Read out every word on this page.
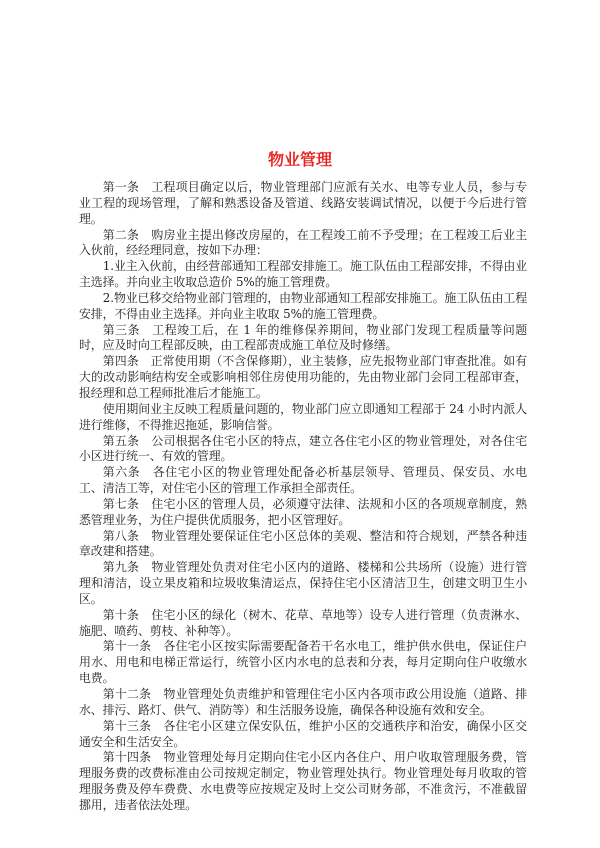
物业管理

第一条　工程项目确定以后，物业管理部门应派有关水、电等专业人员，参与专业工程的现场管理，了解和熟悉设备及管道、线路安装调试情况，以便于今后进行管理。

第二条　购房业主提出修改房屋的，在工程竣工前不予受理；在工程竣工后业主入伙前，经经理同意，按如下办理：

1.业主入伙前，由经营部通知工程部安排施工。施工队伍由工程部安排，不得由业主选择。并向业主收取总造价 5%的施工管理费。

2.物业已移交给物业部门管理的，由物业部通知工程部安排施工。施工队伍由工程安排，不得由业主选择。并向业主收取 5%的施工管理费。

第三条　工程竣工后，在 1 年的维修保养期间，物业部门发现工程质量等问题时，应及时向工程部反映，由工程部责成施工单位及时修缮。

第四条　正常使用期（不含保修期），业主装修，应先报物业部门审查批准。如有大的改动影响结构安全或影响相邻住房使用功能的，先由物业部门会同工程部审查，报经理和总工程师批准后才能施工。

使用期间业主反映工程质量问题的，物业部门应立即通知工程部于 24 小时内派人进行维修，不得推迟拖延，影响信誉。

第五条　公司根据各住宅小区的特点，建立各住宅小区的物业管理处，对各住宅小区进行统一、有效的管理。

第六条　各住宅小区的物业管理处配备必析基层领导、管理员、保安员、水电工、清洁工等，对住宅小区的管理工作承担全部责任。

第七条　住宅小区的管理人员，必须遵守法律、法规和小区的各项规章制度，熟悉管理业务，为住户提供优质服务，把小区管理好。

第八条　物业管理处要保证住宅小区总体的美观、整洁和符合规划，严禁各种违章改建和搭建。

第九条　物业管理处负责对住宅小区内的道路、楼梯和公共场所（设施）进行管理和清洁，设立果皮箱和垃圾收集清运点，保持住宅小区清洁卫生，创建文明卫生小区。

第十条　住宅小区的绿化（树木、花草、草地等）设专人进行管理（负责淋水、施肥、喷药、剪枝、补种等）。

第十一条　各住宅小区按实际需要配备若干名水电工，维护供水供电，保证住户用水、用电和电梯正常运行，统管小区内水电的总表和分表，每月定期向住户收缴水电费。

第十二条　物业管理处负责维护和管理住宅小区内各项市政公用设施（道路、排水、排污、路灯、供气、消防等）和生活服务设施，确保各种设施有效和安全。

第十三条　各住宅小区建立保安队伍，维护小区的交通秩序和治安，确保小区交通安全和生活安全。

第十四条　物业管理处每月定期向住宅小区内各住户、用户收取管理服务费，管理服务费的改费标准由公司按规定制定，物业管理处执行。物业管理处每月收取的管理服务费及停车费费、水电费等应按规定及时上交公司财务部，不准贪污，不准截留挪用，违者依法处理。
